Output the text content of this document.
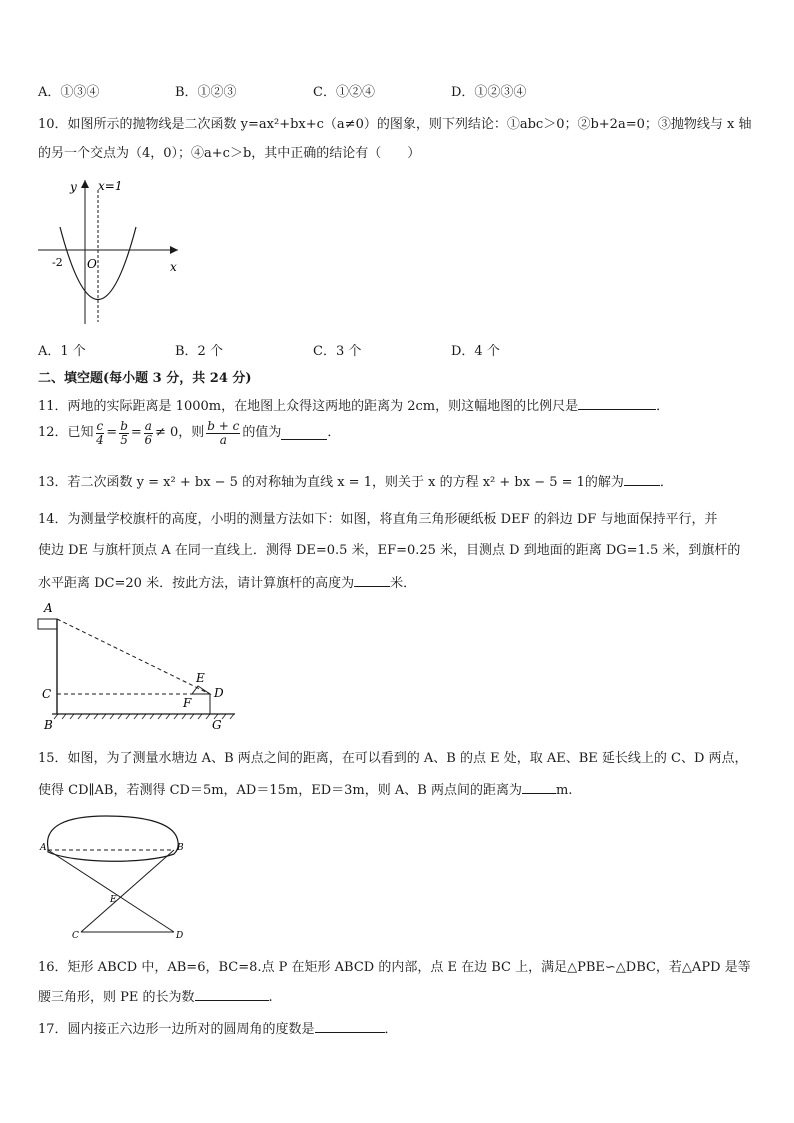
A．①③④	B．①②③	C．①②④	D．①②③④
10．如图所示的抛物线是二次函数 y=ax²+bx+c（a≠0）的图象，则下列结论：①abc＞0；②b+2a=0；③抛物线与 x 轴
的另一个交点为（4，0）；④a+c＞b，其中正确的结论有（　　）
y x=1
x
-2 O
A．1 个	B．2 个	C．3 个	D．4 个
二、填空题(每小题 3 分，共 24 分)
11．两地的实际距离是 1000m，在地图上众得这两地的距离为 2cm，则这幅地图的比例尺是	．
12．已知 $\frac{c}{4} = \frac{b}{5} = \frac{a}{6} \ne 0$ ，则 $\frac{b + c}{a}$ 的值为	．
13．若二次函数 y = x² + bx − 5 的对称轴为直线 x = 1，则关于 x 的方程 x² + bx − 5 = 1的解为	．
14．为测量学校旗杆的高度，小明的测量方法如下：如图，将直角三角形硬纸板 DEF 的斜边 DF 与地面保持平行，并
使边 DE 与旗杆顶点 A 在同一直线上．测得 DE=0.5 米，EF=0.25 米，目测点 D 到地面的距离 DG=1.5 米，到旗杆的
水平距离 DC=20 米．按此方法，请计算旗杆的高度为	米．
A
C
B
D
E
F
G
15．如图，为了测量水塘边 A、B 两点之间的距离，在可以看到的 A、B 的点 E 处，取 AE、BE 延长线上的 C、D 两点，
使得 CD∥AB，若测得 CD＝5m，AD＝15m，ED＝3m，则 A、B 两点间的距离为	m.
A	B
E
C	D
16．矩形 ABCD 中，AB=6，BC=8.点 P 在矩形 ABCD 的内部，点 E 在边 BC 上，满足△PBE∽△DBC，若△APD 是等
腰三角形，则 PE 的长为数	.
17．圆内接正六边形一边所对的圆周角的度数是	．
